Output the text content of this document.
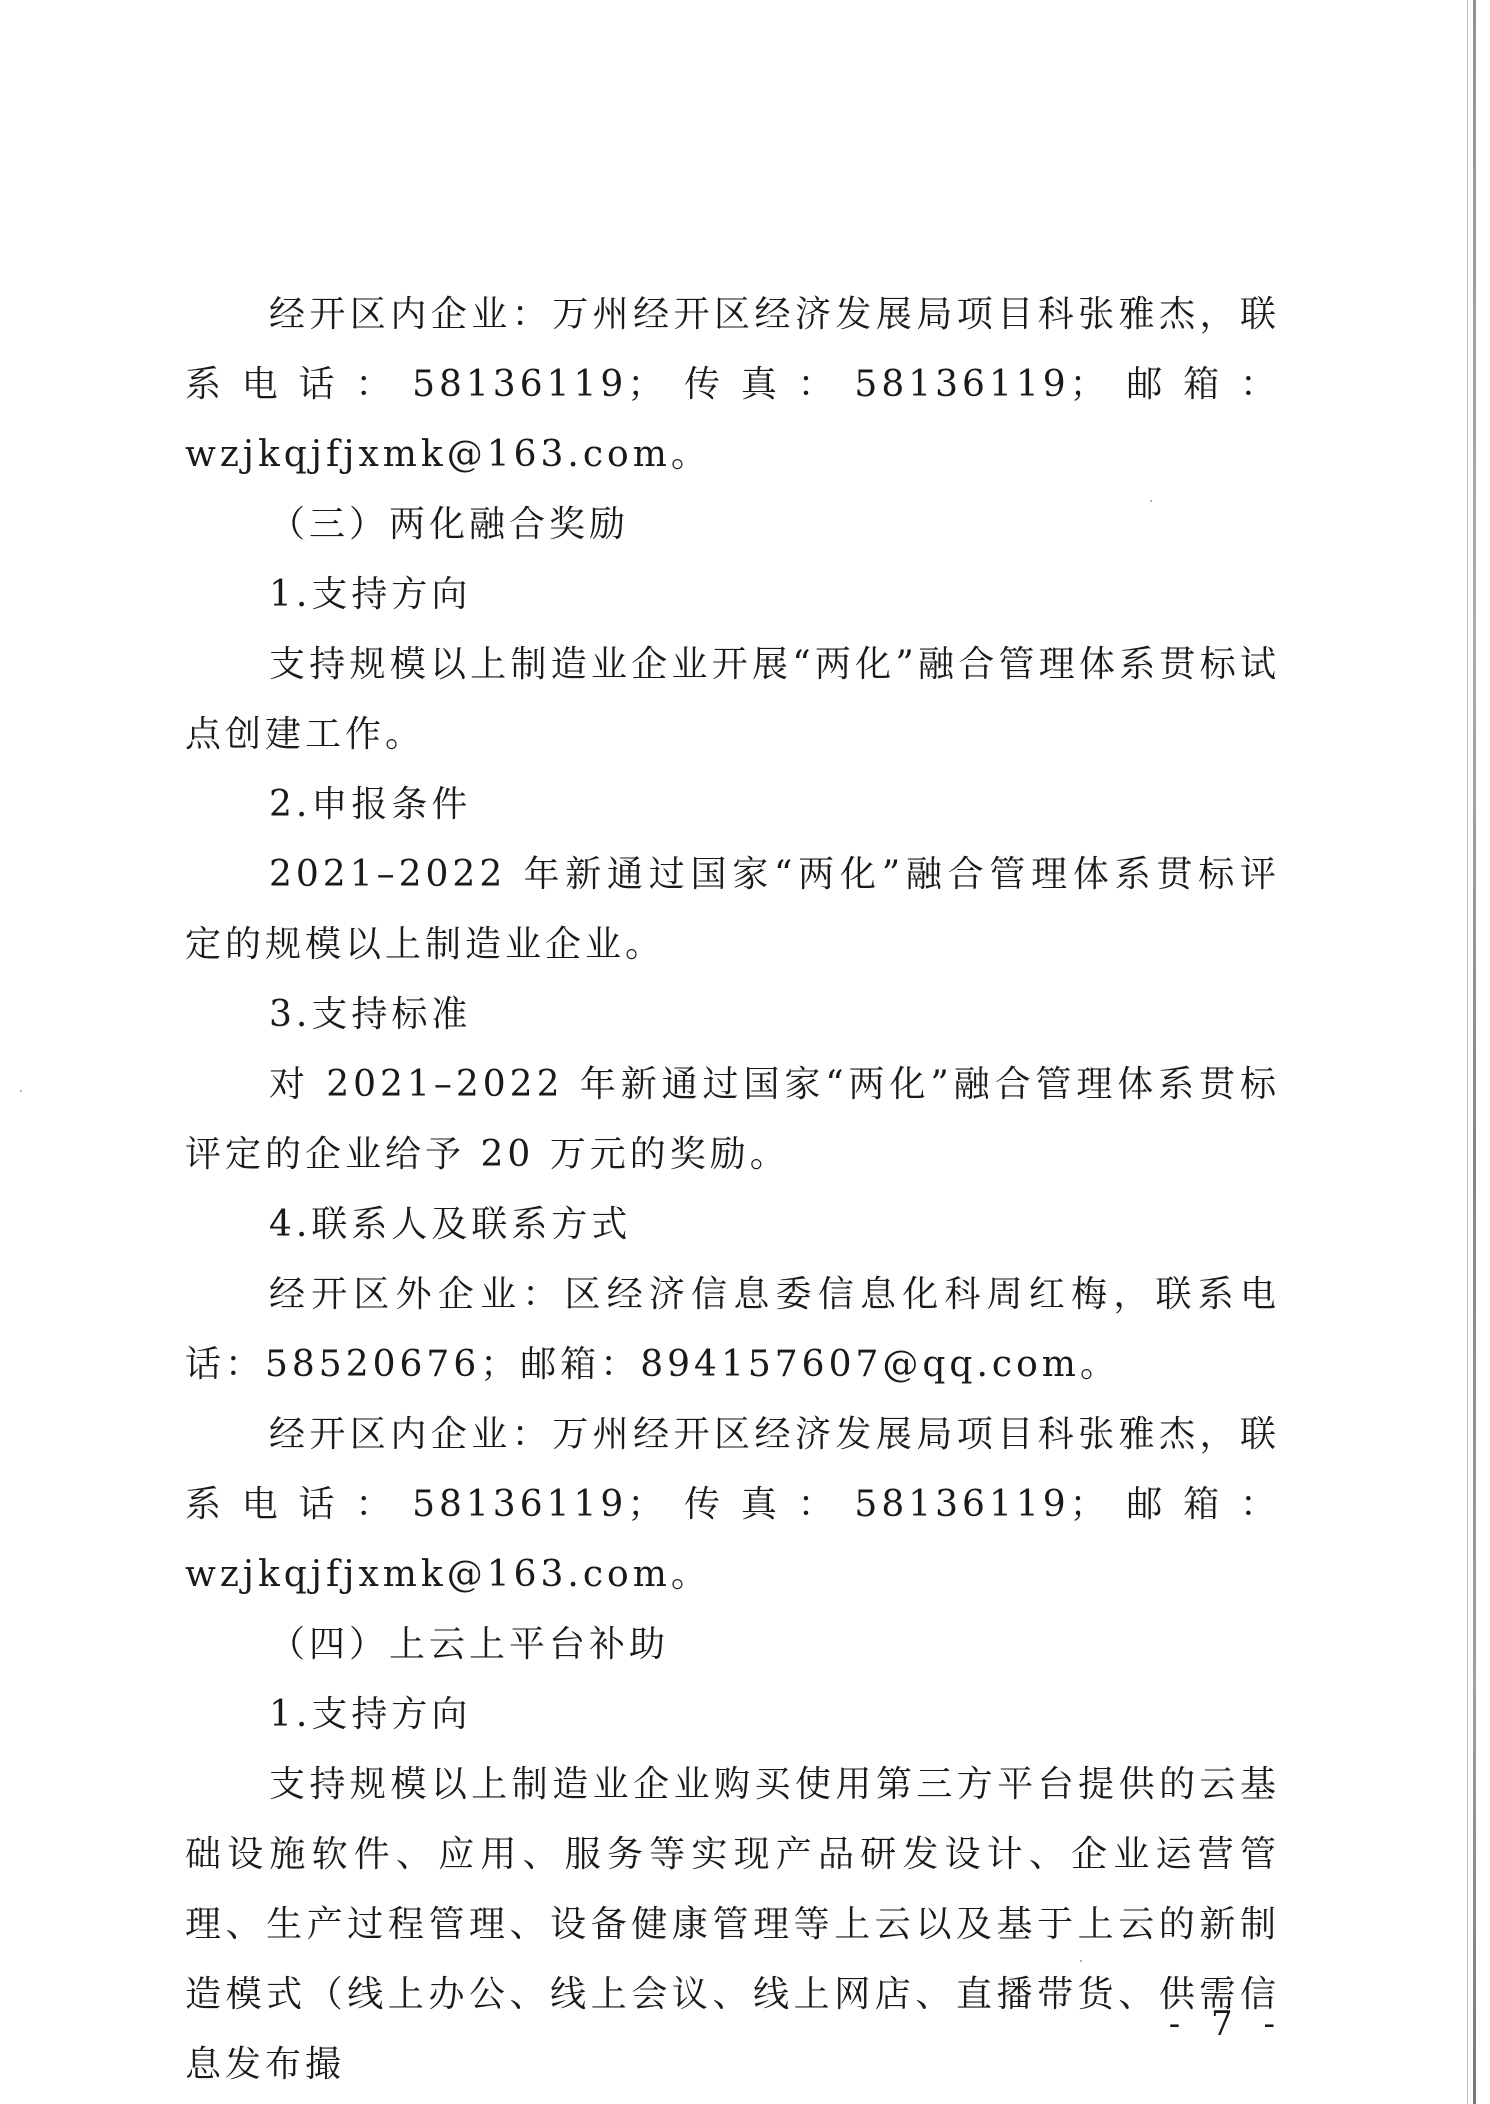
经开区内企业：万州经开区经济发展局项目科张雅杰，联系电话：58136119；传真：58136119；邮箱：wzjkqjfjxmk@163.com。

（三）两化融合奖励

1.支持方向

支持规模以上制造业企业开展“两化”融合管理体系贯标试点创建工作。

2.申报条件

2021–2022 年新通过国家“两化”融合管理体系贯标评定的规模以上制造业企业。

3.支持标准

对 2021–2022 年新通过国家“两化”融合管理体系贯标评定的企业给予 20 万元的奖励。

4.联系人及联系方式

经开区外企业：区经济信息委信息化科周红梅，联系电话：58520676；邮箱：894157607@qq.com。

经开区内企业：万州经开区经济发展局项目科张雅杰，联系电话：58136119；传真：58136119；邮箱：wzjkqjfjxmk@163.com。

（四）上云上平台补助

1.支持方向

支持规模以上制造业企业购买使用第三方平台提供的云基础设施软件、应用、服务等实现产品研发设计、企业运营管理、生产过程管理、设备健康管理等上云以及基于上云的新制造模式（线上办公、线上会议、线上网店、直播带货、供需信息发布撮

- 7 -
